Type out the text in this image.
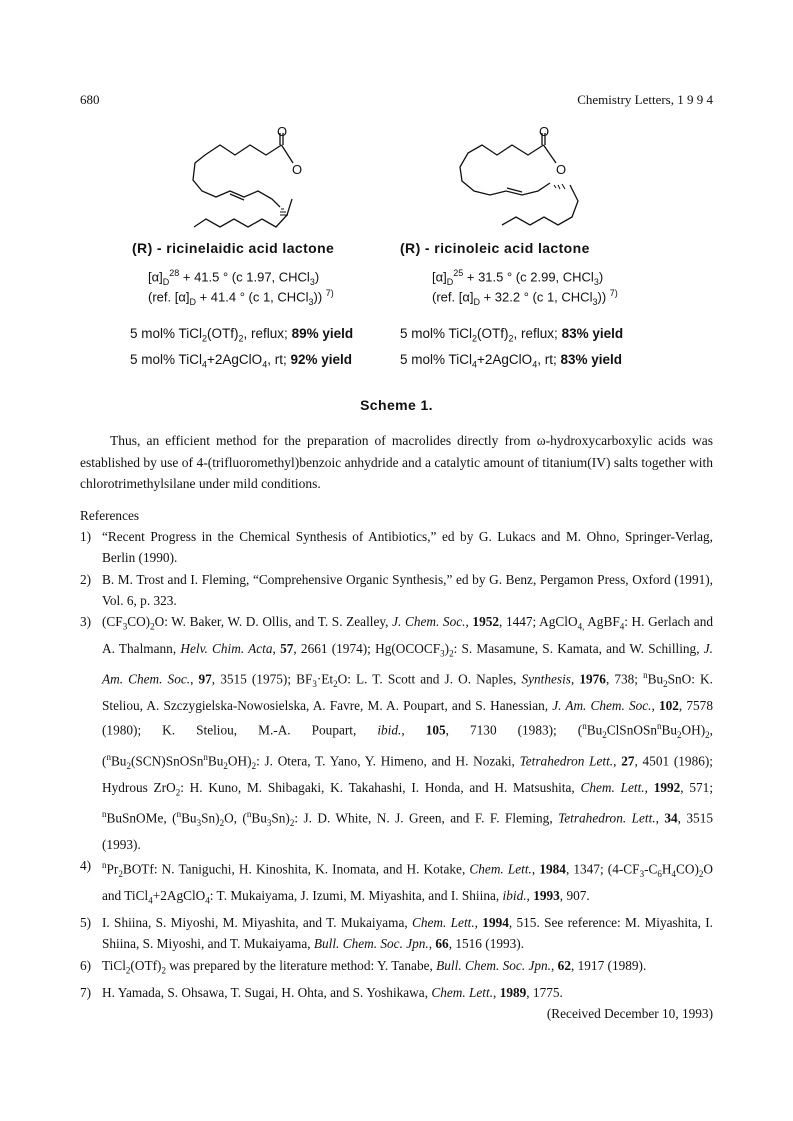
680	Chemistry Letters, 1 9 9 4
O
O
O
O
(R) - ricinelaidic acid lactone
$[\alpha]_D^{28} + 41.5$ ° (c 1.97, CHCl$_3$)
(ref. $[\alpha]_D + 41.4$ ° (c 1, CHCl$_3$)) $^{7)}$
5 mol% $TiCl_2(OTf)_2$, reflux; 89% yield
5 mol% TiCl$_4$+2AgClO$_4$, rt; 92% yield
(R) - ricinoleic acid lactone
$[\alpha]_D^{25} + 31.5$ ° (c 2.99, CHCl$_3$)
(ref. $[\alpha]_D + 32.2$ ° (c 1, CHCl$_3$)) $^{7)}$
5 mol% $TiCl_2(OTf)_2$, reflux; 83% yield
5 mol% TiCl$_4$+2AgClO$_4$, rt; 83% yield
Scheme 1.
Thus, an efficient method for the preparation of macrolides directly from ω-hydroxycarboxylic acids was established by use of 4-(trifluoromethyl)benzoic anhydride and a catalytic amount of titanium(IV) salts together with chlorotrimethylsilane under mild conditions.
References
1) “Recent Progress in the Chemical Synthesis of Antibiotics,” ed by G. Lukacs and M. Ohno, Springer-Verlag, Berlin (1990).
2) B. M. Trost and I. Fleming, “Comprehensive Organic Synthesis,” ed by G. Benz, Pergamon Press, Oxford (1991), Vol. 6, p. 323.
3) $(CF_3CO)_2O$: W. Baker, W. D. Ollis, and T. S. Zealley, J. Chem. Soc., 1952, 1447; AgClO$_{4,}$ AgBF$_4$: H. Gerlach and A. Thalmann, Helv. Chim. Acta, 57, 2661 (1974); $Hg(OCOCF_3)_2$: S. Masamune, S. Kamata, and W. Schilling, J. Am. Chem. Soc., 97, 3515 (1975); $BF_3\cdot Et_2O$: L. T. Scott and J. O. Naples, Synthesis, 1976, 738; $^nBu_2SnO$: K. Steliou, A. Szczygielska-Nowosielska, A. Favre, M. A. Poupart, and S. Hanessian, J. Am. Chem. Soc., 102, 7578 (1980); K. Steliou, M.-A. Poupart, ibid., 105, 7130 (1983); $(^nBu_2ClSnOSn^nBu_2OH)_2$, $(^nBu_2(SCN)SnOSn^nBu_2OH)_2$: J. Otera, T. Yano, Y. Himeno, and H. Nozaki, Tetrahedron Lett., 27, 4501 (1986); Hydrous ZrO$_2$: H. Kuno, M. Shibagaki, K. Takahashi, I. Honda, and H. Matsushita, Chem. Lett., 1992, 571; $^n$BuSnOMe, $(^nBu_3Sn)_2O$, $(^nBu_3Sn)_2$: J. D. White, N. J. Green, and F. F. Fleming, Tetrahedron. Lett., 34, 3515 (1993).
4) $^nPr_2BOTf$: N. Taniguchi, H. Kinoshita, K. Inomata, and H. Kotake, Chem. Lett., 1984, 1347; $(4-CF_3-C_6H_4CO)_2O$ and TiCl$_4$+2AgClO$_4$: T. Mukaiyama, J. Izumi, M. Miyashita, and I. Shiina, ibid., 1993, 907.
5) I. Shiina, S. Miyoshi, M. Miyashita, and T. Mukaiyama, Chem. Lett., 1994, 515. See reference: M. Miyashita, I. Shiina, S. Miyoshi, and T. Mukaiyama, Bull. Chem. Soc. Jpn., 66, 1516 (1993).
6) $TiCl_2(OTf)_2$ was prepared by the literature method: Y. Tanabe, Bull. Chem. Soc. Jpn., 62, 1917 (1989).
7) H. Yamada, S. Ohsawa, T. Sugai, H. Ohta, and S. Yoshikawa, Chem. Lett., 1989, 1775.
(Received December 10, 1993)
